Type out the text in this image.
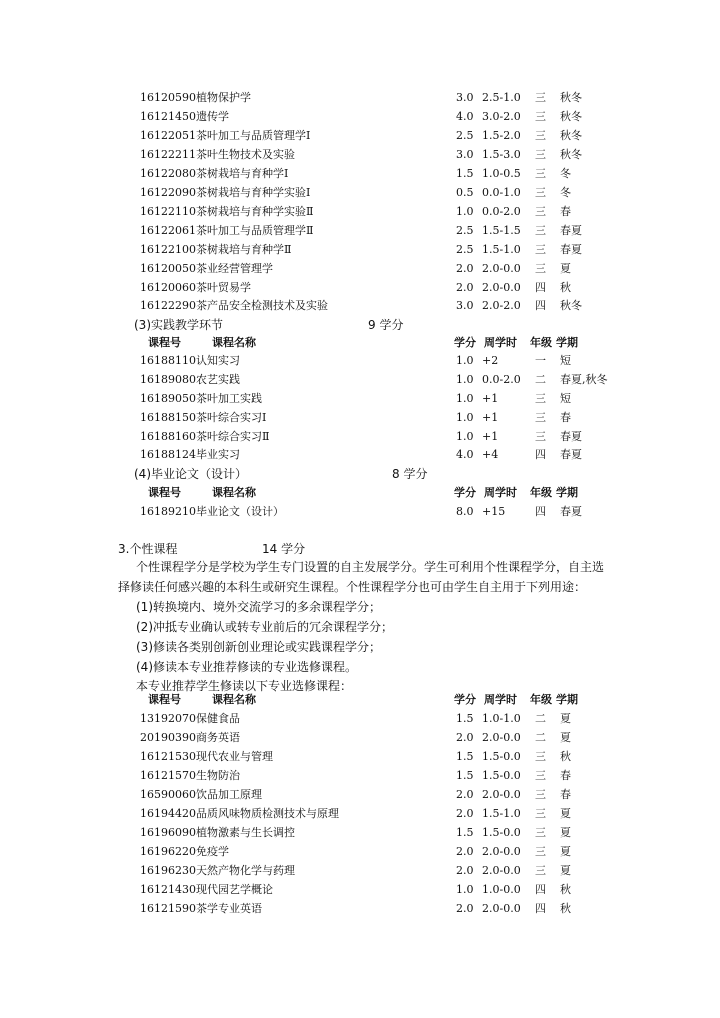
16120590 植物保护学	3.0 2.5-1.0 三 秋冬
16121450 遗传学	4.0 3.0-2.0 三 秋冬
16122051 茶叶加工与品质管理学Ⅰ	2.5 1.5-2.0 三 秋冬
16122211 茶叶生物技术及实验	3.0 1.5-3.0 三 秋冬
16122080 茶树栽培与育种学Ⅰ	1.5 1.0-0.5 三 冬
16122090 茶树栽培与育种学实验Ⅰ	0.5 0.0-1.0 三 冬
16122110 茶树栽培与育种学实验Ⅱ	1.0 0.0-2.0 三 春
16122061 茶叶加工与品质管理学Ⅱ	2.5 1.5-1.5 三 春夏
16122100 茶树栽培与育种学Ⅱ	2.5 1.5-1.0 三 春夏
16120050 茶业经营管理学	2.0 2.0-0.0 三 夏
16120060 茶叶贸易学	2.0 2.0-0.0 四 秋
16122290 茶产品安全检测技术及实验	3.0 2.0-2.0 四 秋冬
(3)实践教学环节	9 学分
课程号	课程名称	学分 周学时 年级 学期
16188110 认知实习	1.0 +2	一 短
16189080 农艺实践	1.0 0.0-2.0 二 春夏,秋冬
16189050 茶叶加工实践	1.0 +1	三 短
16188150 茶叶综合实习Ⅰ	1.0 +1	三 春
16188160 茶叶综合实习Ⅱ	1.0 +1	三 春夏
16188124 毕业实习	4.0 +4	四 春夏
(4)毕业论文（设计）	8 学分
课程号	课程名称	学分 周学时 年级 学期
16189210 毕业论文（设计）	8.0 +15	四 春夏
3.个性课程	14 学分
个性课程学分是学校为学生专门设置的自主发展学分。学生可利用个性课程学分，自主选
择修读任何感兴趣的本科生或研究生课程。个性课程学分也可由学生自主用于下列用途：
(1)转换境内、境外交流学习的多余课程学分；
(2)冲抵专业确认或转专业前后的冗余课程学分；
(3)修读各类别创新创业理论或实践课程学分；
(4)修读本专业推荐修读的专业选修课程。
本专业推荐学生修读以下专业选修课程：
课程号	课程名称	学分 周学时 年级 学期
13192070 保健食品	1.5 1.0-1.0 二 夏
20190390 商务英语	2.0 2.0-0.0 二 夏
16121530 现代农业与管理	1.5 1.5-0.0 三 秋
16121570 生物防治	1.5 1.5-0.0 三 春
16590060 饮品加工原理	2.0 2.0-0.0 三 春
16194420 品质风味物质检测技术与原理	2.0 1.5-1.0 三 夏
16196090 植物激素与生长调控	1.5 1.5-0.0 三 夏
16196220 免疫学	2.0 2.0-0.0 三 夏
16196230 天然产物化学与药理	2.0 2.0-0.0 三 夏
16121430 现代园艺学概论	1.0 1.0-0.0 四 秋
16121590 茶学专业英语	2.0 2.0-0.0 四 秋
